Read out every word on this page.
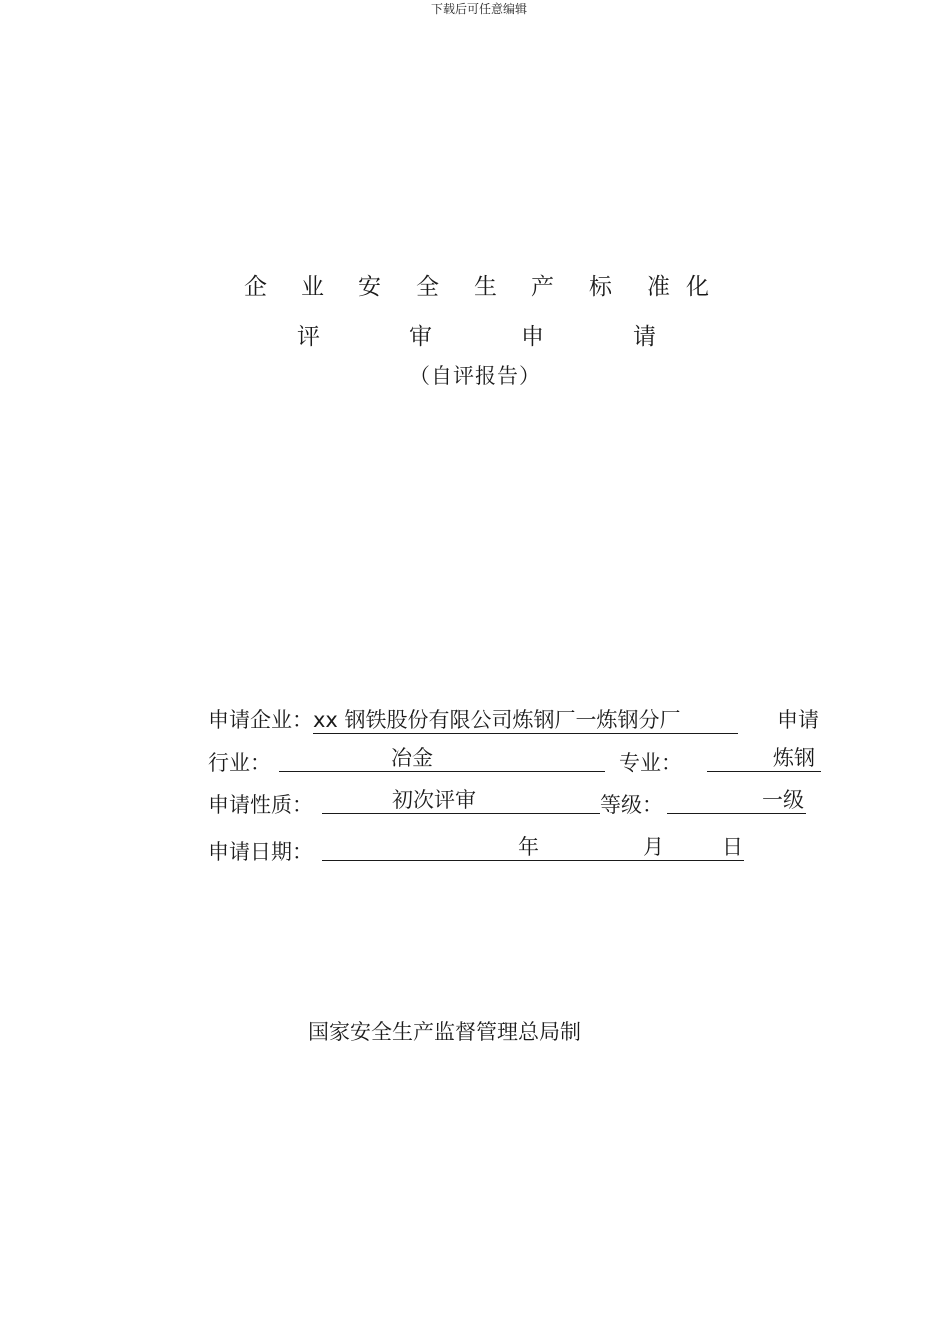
下载后可任意编辑
企 业 安 全 生 产 标 准 化
评	审	申	请
（自评报告）
申请企业：xx 钢铁股份有限公司炼钢厂一炼钢分厂	申请
行业：	冶金	专业：	炼钢
申请性质：	初次评审	等级：	一级
申请日期：	年	月	日
国家安全生产监督管理总局制
